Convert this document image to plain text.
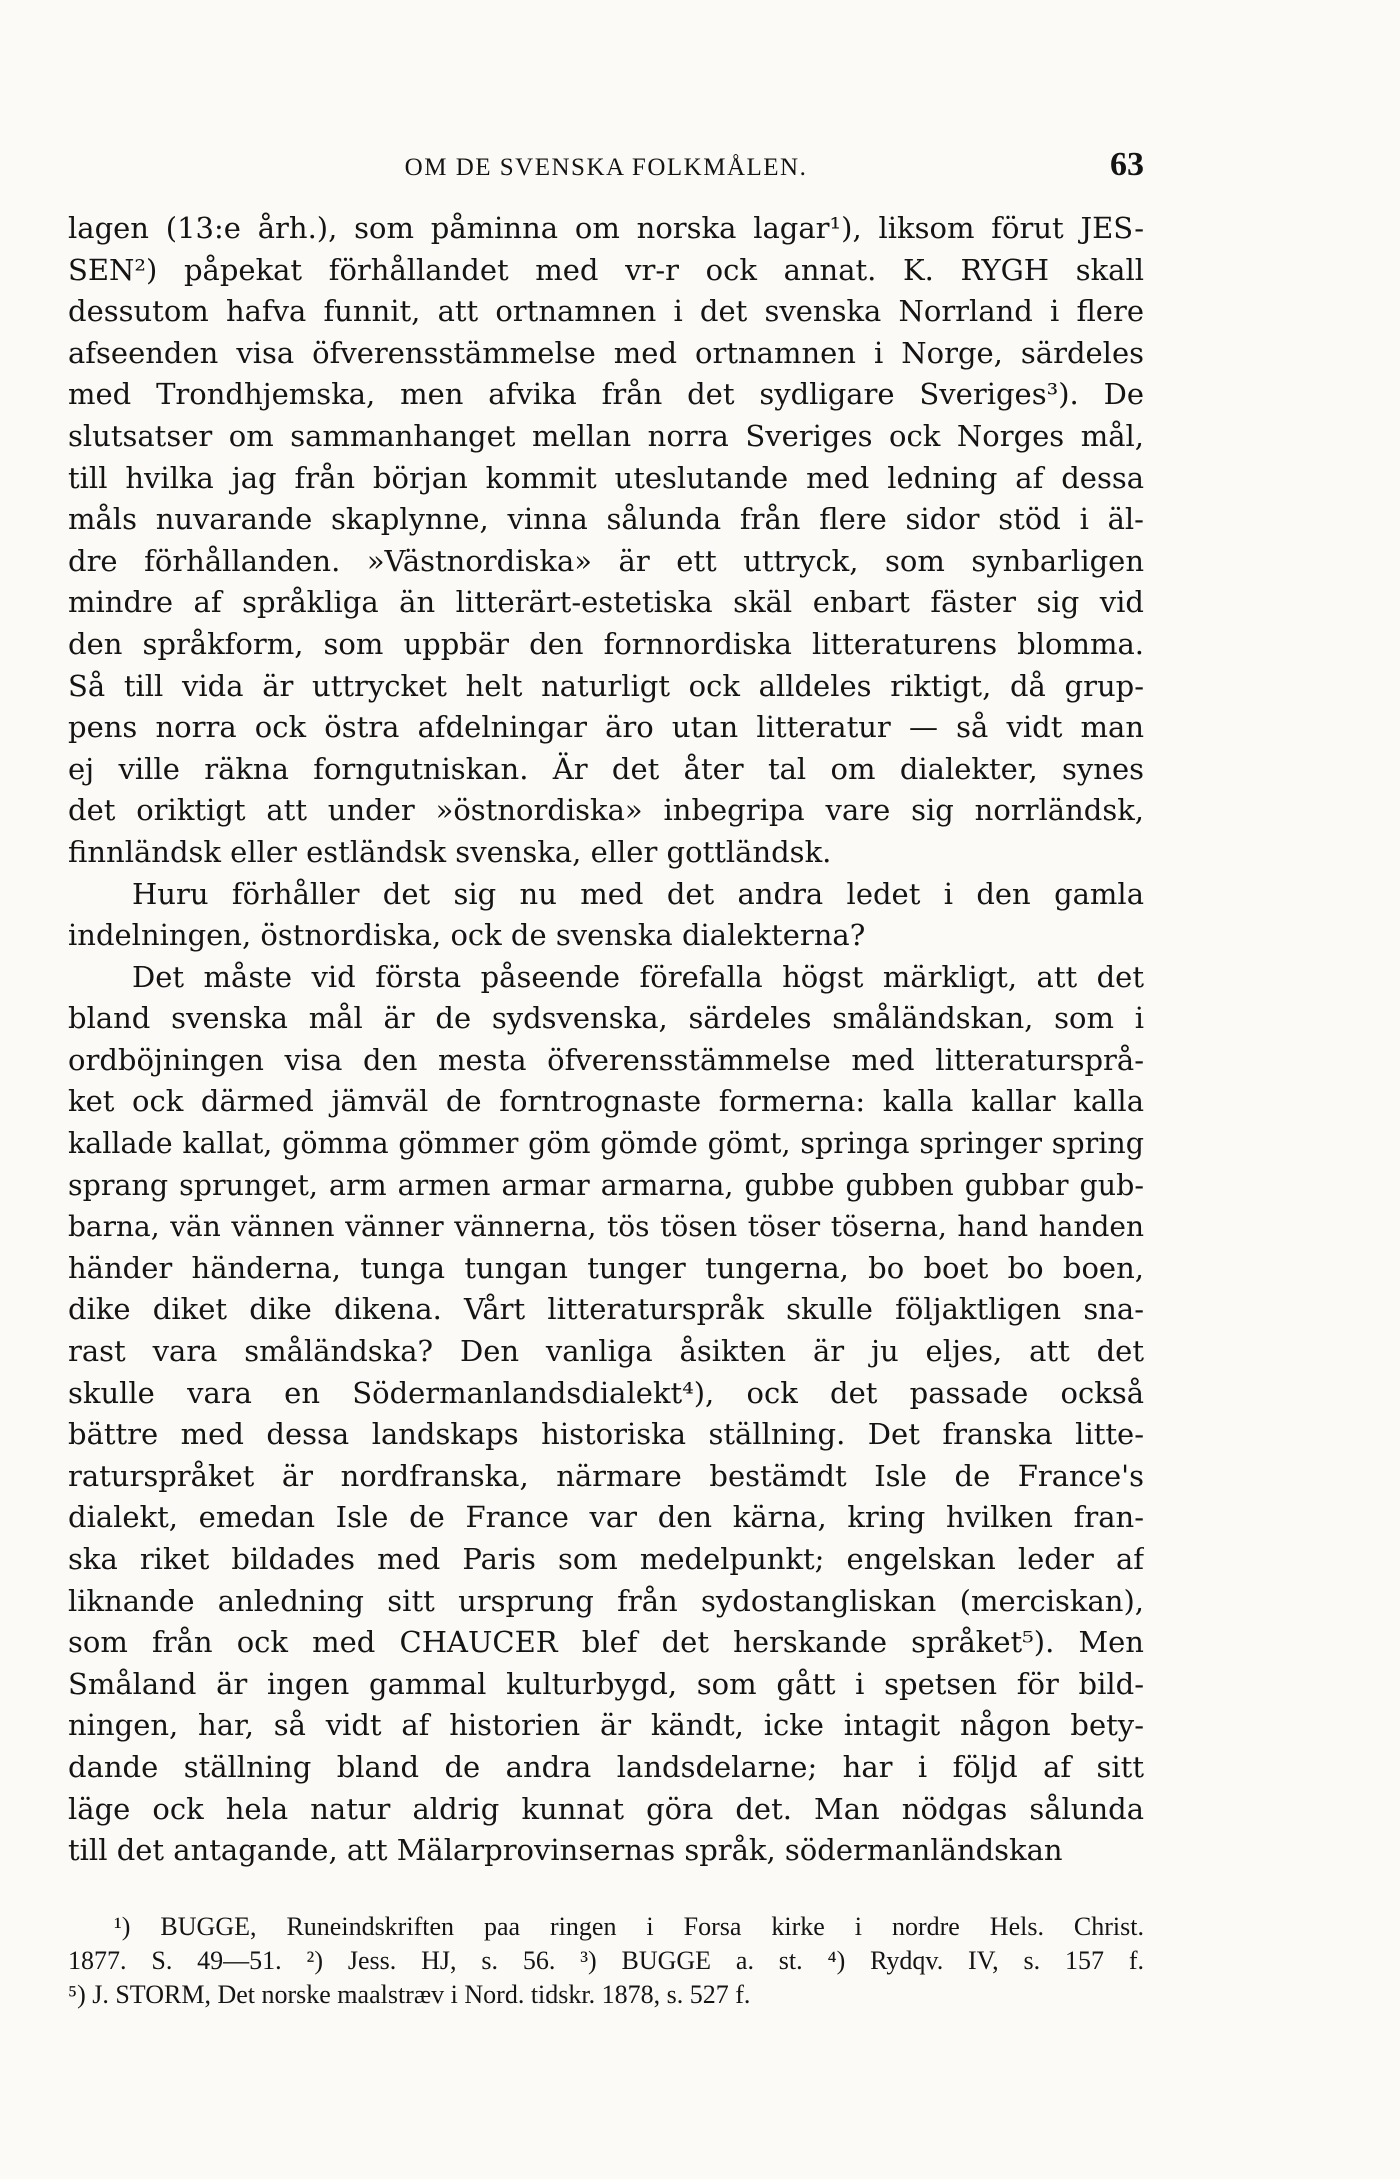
OM DE SVENSKA FOLKMÅLEN.	63
lagen (13:e årh.), som påminna om norska lagar¹), liksom förut JES-
SEN²) påpekat förhållandet med vr-r ock annat. K. RYGH skall
dessutom hafva funnit, att ortnamnen i det svenska Norrland i flere
afseenden visa öfverensstämmelse med ortnamnen i Norge, särdeles
med Trondhjemska, men afvika från det sydligare Sveriges³). De
slutsatser om sammanhanget mellan norra Sveriges ock Norges mål,
till hvilka jag från början kommit uteslutande med ledning af dessa
måls nuvarande skaplynne, vinna sålunda från flere sidor stöd i äl-
dre förhållanden. »Västnordiska» är ett uttryck, som synbarligen
mindre af språkliga än litterärt-estetiska skäl enbart fäster sig vid
den språkform, som uppbär den fornnordiska litteraturens blomma.
Så till vida är uttrycket helt naturligt ock alldeles riktigt, då grup-
pens norra ock östra afdelningar äro utan litteratur — så vidt man
ej ville räkna forngutniskan. Är det åter tal om dialekter, synes
det oriktigt att under »östnordiska» inbegripa vare sig norrländsk,
finnländsk eller estländsk svenska, eller gottländsk.
Huru förhåller det sig nu med det andra ledet i den gamla
indelningen, östnordiska, ock de svenska dialekterna?
Det måste vid första påseende förefalla högst märkligt, att det
bland svenska mål är de sydsvenska, särdeles småländskan, som i
ordböjningen visa den mesta öfverensstämmelse med litteratursprå-
ket ock därmed jämväl de forntrognaste formerna: kalla kallar kalla
kallade kallat, gömma gömmer göm gömde gömt, springa springer spring
sprang sprunget, arm armen armar armarna, gubbe gubben gubbar gub-
barna, vän vännen vänner vännerna, tös tösen töser töserna, hand handen
händer händerna, tunga tungan tunger tungerna, bo boet bo boen,
dike diket dike dikena. Vårt litteraturspråk skulle följaktligen sna-
rast vara småländska? Den vanliga åsikten är ju eljes, att det
skulle vara en Södermanlandsdialekt⁴), ock det passade också
bättre med dessa landskaps historiska ställning. Det franska litte-
raturspråket är nordfranska, närmare bestämdt Isle de France's
dialekt, emedan Isle de France var den kärna, kring hvilken fran-
ska riket bildades med Paris som medelpunkt; engelskan leder af
liknande anledning sitt ursprung från sydostangliskan (merciskan),
som från ock med CHAUCER blef det herskande språket⁵). Men
Småland är ingen gammal kulturbygd, som gått i spetsen för bild-
ningen, har, så vidt af historien är kändt, icke intagit någon bety-
dande ställning bland de andra landsdelarne; har i följd af sitt
läge ock hela natur aldrig kunnat göra det. Man nödgas sålunda
till det antagande, att Mälarprovinsernas språk, södermanländskan
¹) BUGGE, Runeindskriften paa ringen i Forsa kirke i nordre Hels. Christ.
1877. S. 49—51. ²) Jess. HJ, s. 56. ³) BUGGE a. st. ⁴) Rydqv. IV, s. 157 f.
⁵) J. STORM, Det norske maalstræv i Nord. tidskr. 1878, s. 527 f.
